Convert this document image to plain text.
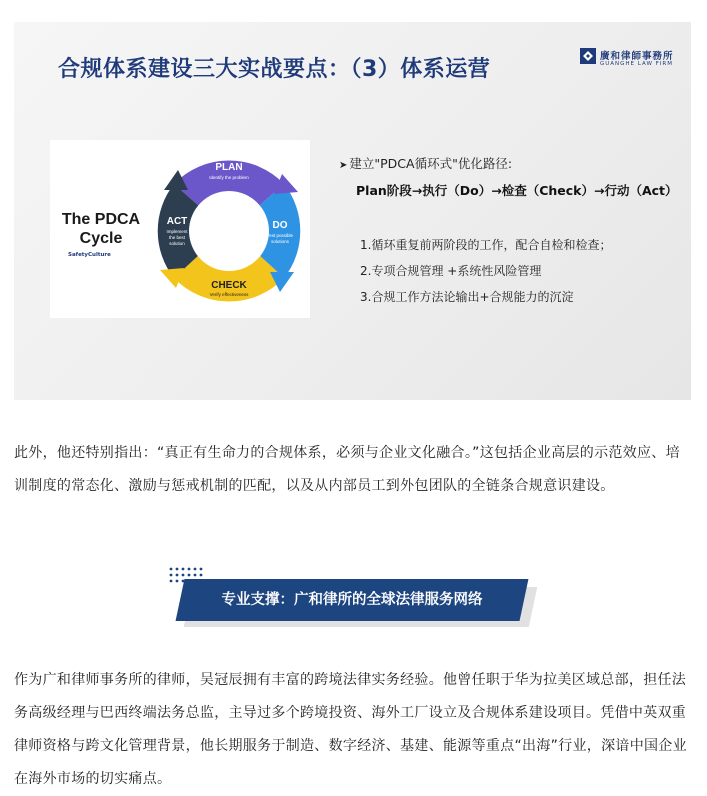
合规体系建设三大实战要点：（3）体系运营
廣和律師事務所
GUANGHE LAW FIRM
The PDCA
Cycle
SafetyCulture
PLAN
Identify the problem
DO
Test possible
solutions
CHECK
Verify effectiveness
ACT
Implement
the best
solution
➤ 建立"PDCA循环式"优化路径:
Plan阶段→执行（Do）→检查（Check）→行动（Act）
1.循环重复前两阶段的工作，配合自检和检查；
2.专项合规管理 +系统性风险管理
3.合规工作方法论输出+合规能力的沉淀
此外，他还特别指出：“真正有生命力的合规体系，必须与企业文化融合。”这包括企业高层的示范效应、培训制度的常态化、激励与惩戒机制的匹配，以及从内部员工到外包团队的全链条合规意识建设。
专业支撑：广和律所的全球法律服务网络
作为广和律师事务所的律师，吴冠辰拥有丰富的跨境法律实务经验。他曾任职于华为拉美区域总部，担任法务高级经理与巴西终端法务总监，主导过多个跨境投资、海外工厂设立及合规体系建设项目。凭借中英双重律师资格与跨文化管理背景，他长期服务于制造、数字经济、基建、能源等重点“出海”行业，深谙中国企业在海外市场的切实痛点。
